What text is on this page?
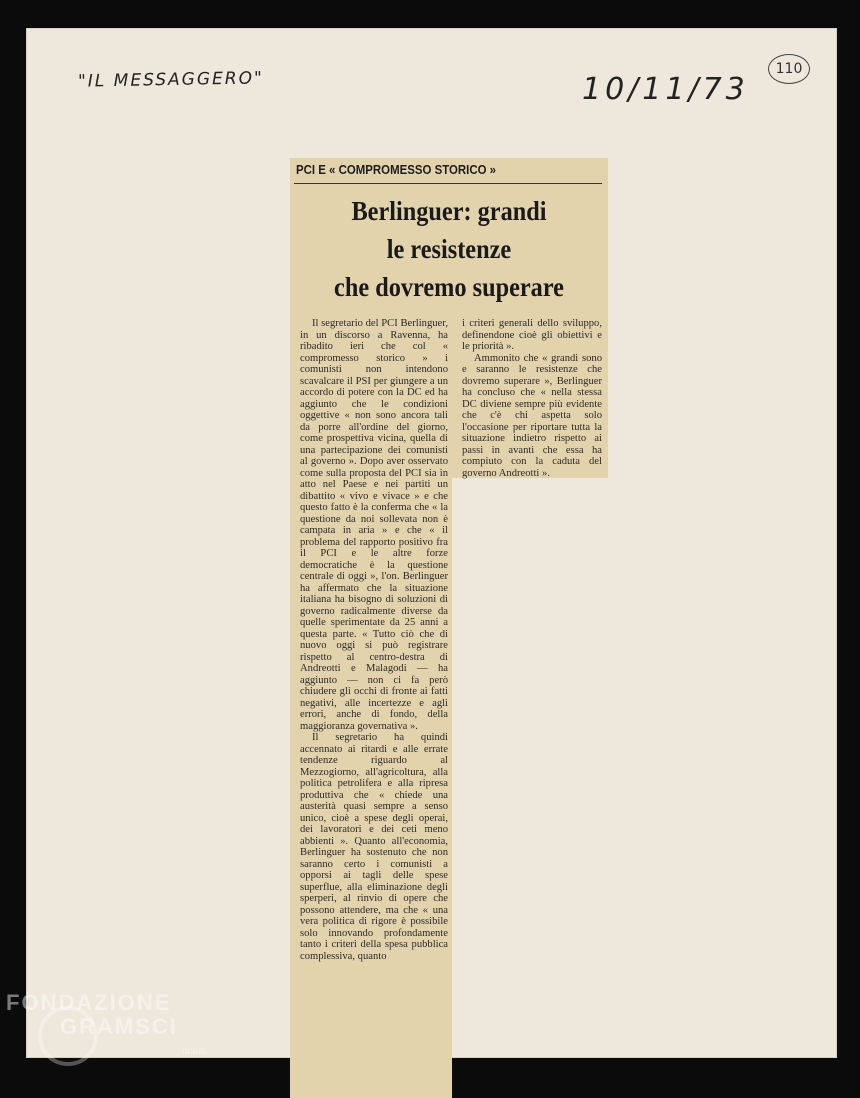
"IL MESSAGGERO"	10/11/73
110
PCI E « COMPROMESSO STORICO »
Berlinguer: grandi
le resistenze
che dovremo superare

Il segretario del PCI Berlinguer, in un discorso a Ravenna, ha ribadito ieri che col « compromesso storico » i comunisti non intendono scavalcare il PSI per giungere a un accordo di potere con la DC ed ha aggiunto che le condizioni oggettive « non sono ancora tali da porre all'ordine del giorno, come prospettiva vicina, quella di una partecipazione dei comunisti al governo ». Dopo aver osservato come sulla proposta del PCI sia in atto nel Paese e nei partiti un dibattito « vivo e vivace » e che questo fatto è la conferma che « la questione da noi sollevata non è campata in aria » e che « il problema del rapporto positivo fra il PCI e le altre forze democratiche è la questione centrale di oggi », l'on. Berlinguer ha affermato che la situazione italiana ha bisogno di soluzioni di governo radicalmente diverse da quelle sperimentate da 25 anni a questa parte. « Tutto ciò che di nuovo oggi si può registrare rispetto al centro-destra di Andreotti e Malagodi — ha aggiunto — non ci fa però chiudere gli occhi di fronte ai fatti negativi, alle incertezze e agli errori, anche di fondo, della maggioranza governativa ».

Il segretario ha quindi accennato ai ritardi e alle errate tendenze riguardo al Mezzogiorno, all'agricoltura, alla politica petrolifera e alla ripresa produttiva che « chiede una austerità quasi sempre a senso unico, cioè a spese degli operai, dei lavoratori e dei ceti meno abbienti ». Quanto all'economia, Berlinguer ha sostenuto che non saranno certo i comunisti a opporsi ai tagli delle spese superflue, alla eliminazione degli sperperi, al rinvio di opere che possono attendere, ma che « una vera politica di rigore è possibile solo innovando profondamente tanto i criteri della spesa pubblica complessiva, quanto

i criteri generali dello sviluppo, definendone cioè gli obiettivi e le priorità ».

Ammonito che « grandi sono e saranno le resistenze che dovremo superare », Berlinguer ha concluso che « nella stessa DC diviene sempre più evidente che c'è chi aspetta solo l'occasione per riportare tutta la situazione indietro rispetto ai passi in avanti che essa ha compiuto con la caduta del governo Andreotti ».

FONDAZIONE
GRAMSCI
onlus
